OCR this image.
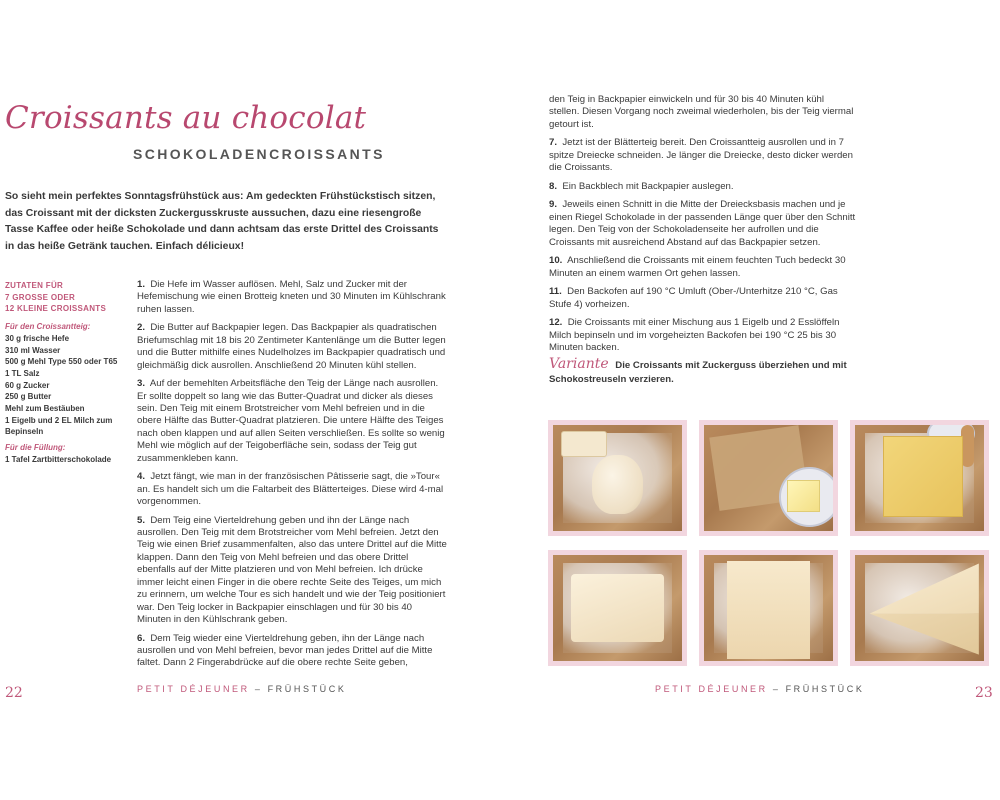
Croissants au chocolat
SCHOKOLADENCROISSANTS

So sieht mein perfektes Sonntagsfrühstück aus: Am gedeckten Frühstückstisch sitzen, das Croissant mit der dicksten Zuckergusskruste aussuchen, dazu eine riesengroße Tasse Kaffee oder heiße Schokolade und dann achtsam das erste Drittel des Croissants in das heiße Getränk tauchen. Einfach délicieux!

ZUTATEN FÜR
7 GROSSE ODER
12 KLEINE CROISSANTS
Für den Croissantteig:
30 g frische Hefe
310 ml Wasser
500 g Mehl Type 550 oder T65
1 TL Salz
60 g Zucker
250 g Butter
Mehl zum Bestäuben
1 Eigelb und 2 EL Milch zum Bepinseln
Für die Füllung:
1 Tafel Zartbitterschokolade

1. Die Hefe im Wasser auflösen. Mehl, Salz und Zucker mit der Hefemischung wie einen Brotteig kneten und 30 Minuten im Kühlschrank ruhen lassen.

2. Die Butter auf Backpapier legen. Das Backpapier als quadratischen Briefumschlag mit 18 bis 20 Zentimeter Kantenlänge um die Butter legen und die Butter mithilfe eines Nudelholzes im Backpapier quadratisch und gleichmäßig dick ausrollen. Anschließend 20 Minuten kühl stellen.

3. Auf der bemehlten Arbeitsfläche den Teig der Länge nach ausrollen. Er sollte doppelt so lang wie das Butter-Quadrat und dicker als dieses sein. Den Teig mit einem Brotstreicher vom Mehl befreien und in die obere Hälfte das Butter-Quadrat platzieren. Die untere Hälfte des Teiges nach oben klappen und auf allen Seiten verschließen. Es sollte so wenig Mehl wie möglich auf der Teigoberfläche sein, sodass der Teig gut zusammenkleben kann.

4. Jetzt fängt, wie man in der französischen Pâtisserie sagt, die »Tour« an. Es handelt sich um die Faltarbeit des Blätterteiges. Diese wird 4-mal vorgenommen.

5. Dem Teig eine Vierteldrehung geben und ihn der Länge nach ausrollen. Den Teig mit dem Brotstreicher vom Mehl befreien. Jetzt den Teig wie einen Brief zusammenfalten, also das untere Drittel auf die Mitte klappen. Dann den Teig von Mehl befreien und das obere Drittel ebenfalls auf der Mitte platzieren und von Mehl befreien. Ich drücke immer leicht einen Finger in die obere rechte Seite des Teiges, um mich zu erinnern, um welche Tour es sich handelt und wie der Teig positioniert war. Den Teig locker in Backpapier einschlagen und für 30 bis 40 Minuten in den Kühlschrank geben.

6. Dem Teig wieder eine Vierteldrehung geben, ihn der Länge nach ausrollen und von Mehl befreien, bevor man jedes Drittel auf die Mitte faltet. Dann 2 Fingerabdrücke auf die obere rechte Seite geben,

22	PETIT DÉJEUNER – FRÜHSTÜCK

den Teig in Backpapier einwickeln und für 30 bis 40 Minuten kühl stellen. Diesen Vorgang noch zweimal wiederholen, bis der Teig viermal getourt ist.

7. Jetzt ist der Blätterteig bereit. Den Croissantteig ausrollen und in 7 spitze Dreiecke schneiden. Je länger die Dreiecke, desto dicker werden die Croissants.

8. Ein Backblech mit Backpapier auslegen.

9. Jeweils einen Schnitt in die Mitte der Dreiecksbasis machen und je einen Riegel Schokolade in der passenden Länge quer über den Schnitt legen. Den Teig von der Schokoladenseite her aufrollen und die Croissants mit ausreichend Abstand auf das Backpapier setzen.

10. Anschließend die Croissants mit einem feuchten Tuch bedeckt 30 Minuten an einem warmen Ort gehen lassen.

11. Den Backofen auf 190 °C Umluft (Ober-/Unterhitze 210 °C, Gas Stufe 4) vorheizen.

12. Die Croissants mit einer Mischung aus 1 Eigelb und 2 Esslöffeln Milch bepinseln und im vorgeheizten Backofen bei 190 °C 25 bis 30 Minuten backen.

Variante Die Croissants mit Zuckerguss überziehen und mit Schokostreuseln verzieren.
PETIT DÉJEUNER – FRÜHSTÜCK	23
